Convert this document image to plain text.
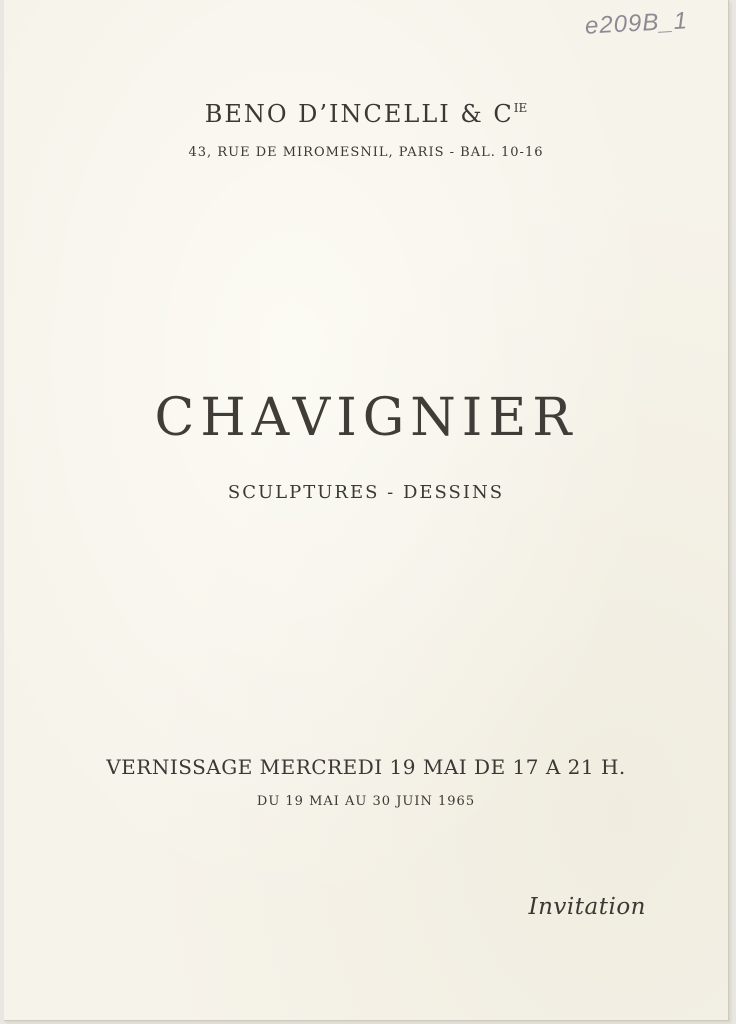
e209B_1
BENO D’INCELLI & $C^{IE}$
43, RUE DE MIROMESNIL, PARIS - BAL. 10-16
CHAVIGNIER
SCULPTURES - DESSINS
VERNISSAGE MERCREDI 19 MAI DE 17 A 21 H.
DU 19 MAI AU 30 JUIN 1965
Invitation
